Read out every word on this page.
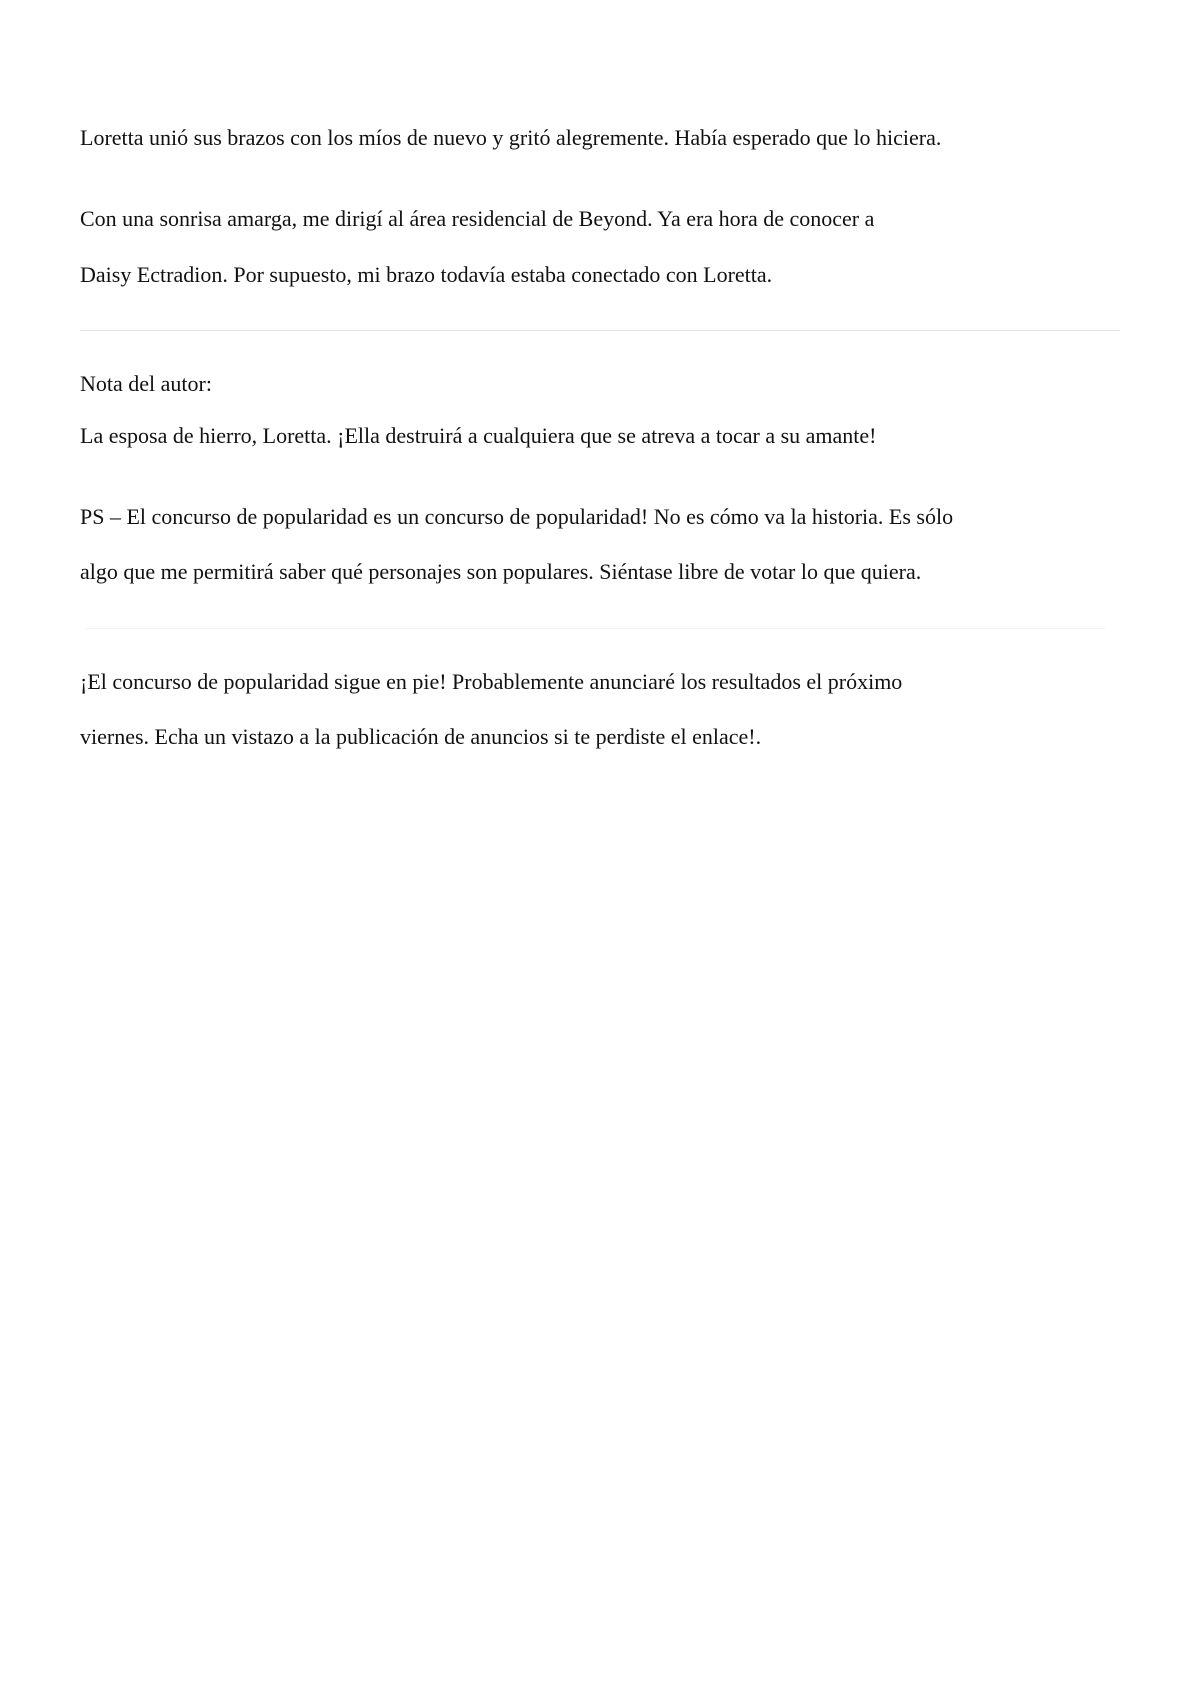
Loretta unió sus brazos con los míos de nuevo y gritó alegremente. Había esperado que lo hiciera.
Con una sonrisa amarga, me dirigí al área residencial de Beyond. Ya era hora de conocer a
Daisy Ectradion. Por supuesto, mi brazo todavía estaba conectado con Loretta.
Nota del autor:
La esposa de hierro, Loretta. ¡Ella destruirá a cualquiera que se atreva a tocar a su amante!
PS – El concurso de popularidad es un concurso de popularidad! No es cómo va la historia. Es sólo
algo que me permitirá saber qué personajes son populares. Siéntase libre de votar lo que quiera.
¡El concurso de popularidad sigue en pie! Probablemente anunciaré los resultados el próximo
viernes. Echa un vistazo a la publicación de anuncios si te perdiste el enlace!.
